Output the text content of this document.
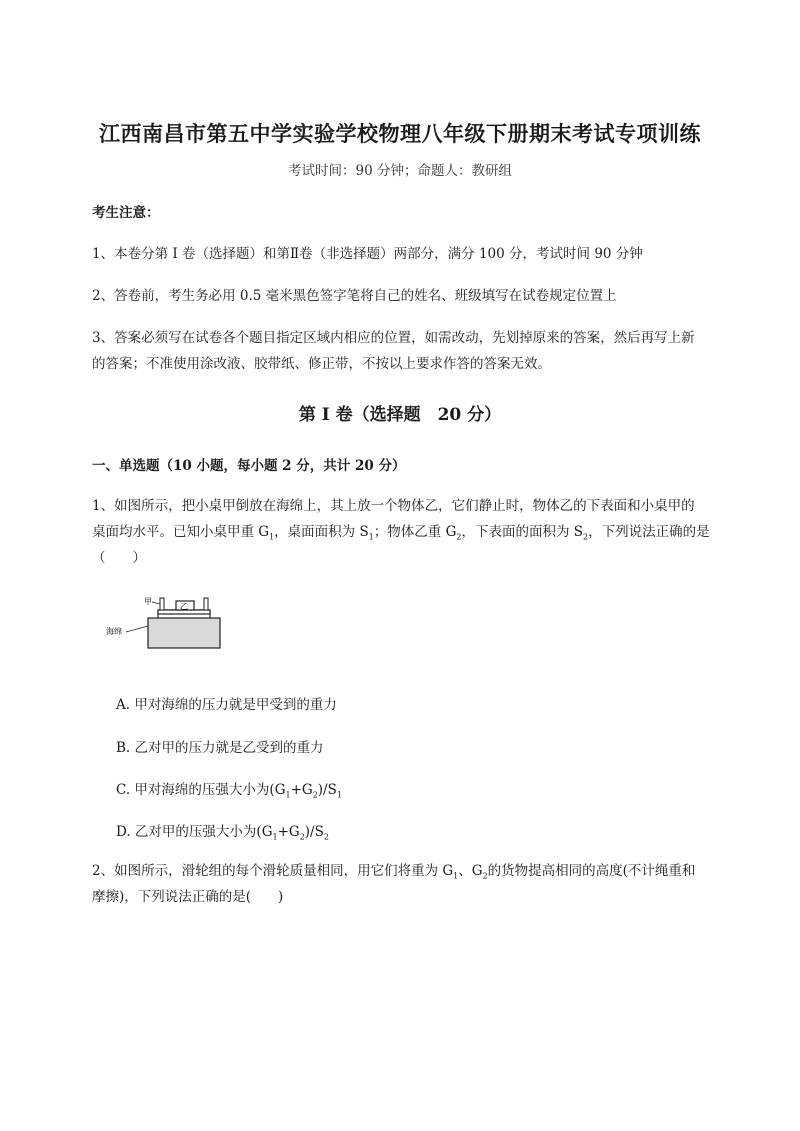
江西南昌市第五中学实验学校物理八年级下册期末考试专项训练
考试时间：90 分钟；命题人：教研组
考生注意：
1、本卷分第 I 卷（选择题）和第Ⅱ卷（非选择题）两部分，满分 100 分，考试时间 90 分钟
2、答卷前，考生务必用 0.5 毫米黑色签字笔将自己的姓名、班级填写在试卷规定位置上
3、答案必须写在试卷各个题目指定区域内相应的位置，如需改动，先划掉原来的答案，然后再写上新
的答案；不准使用涂改液、胶带纸、修正带，不按以上要求作答的答案无效。
第 I 卷（选择题　20 分）
一、单选题（10 小题，每小题 2 分，共计 20 分）
1、如图所示，把小桌甲倒放在海绵上，其上放一个物体乙，它们静止时，物体乙的下表面和小桌甲的
桌面均水平。已知小桌甲重 $G_1$，桌面面积为 $S_1$；物体乙重 $G_2$，下表面的面积为 $S_2$，下列说法正确的是
（　　）
乙
甲
海绵
A. 甲对海绵的压力就是甲受到的重力
B. 乙对甲的压力就是乙受到的重力
C. 甲对海绵的压强大小为$(G_1+G_2)/S_1$
D. 乙对甲的压强大小为$(G_1+G_2)/S_2$
2、如图所示，滑轮组的每个滑轮质量相同，用它们将重为 $G_1$、$G_2$的货物提高相同的高度(不计绳重和
摩擦)，下列说法正确的是(　　)
